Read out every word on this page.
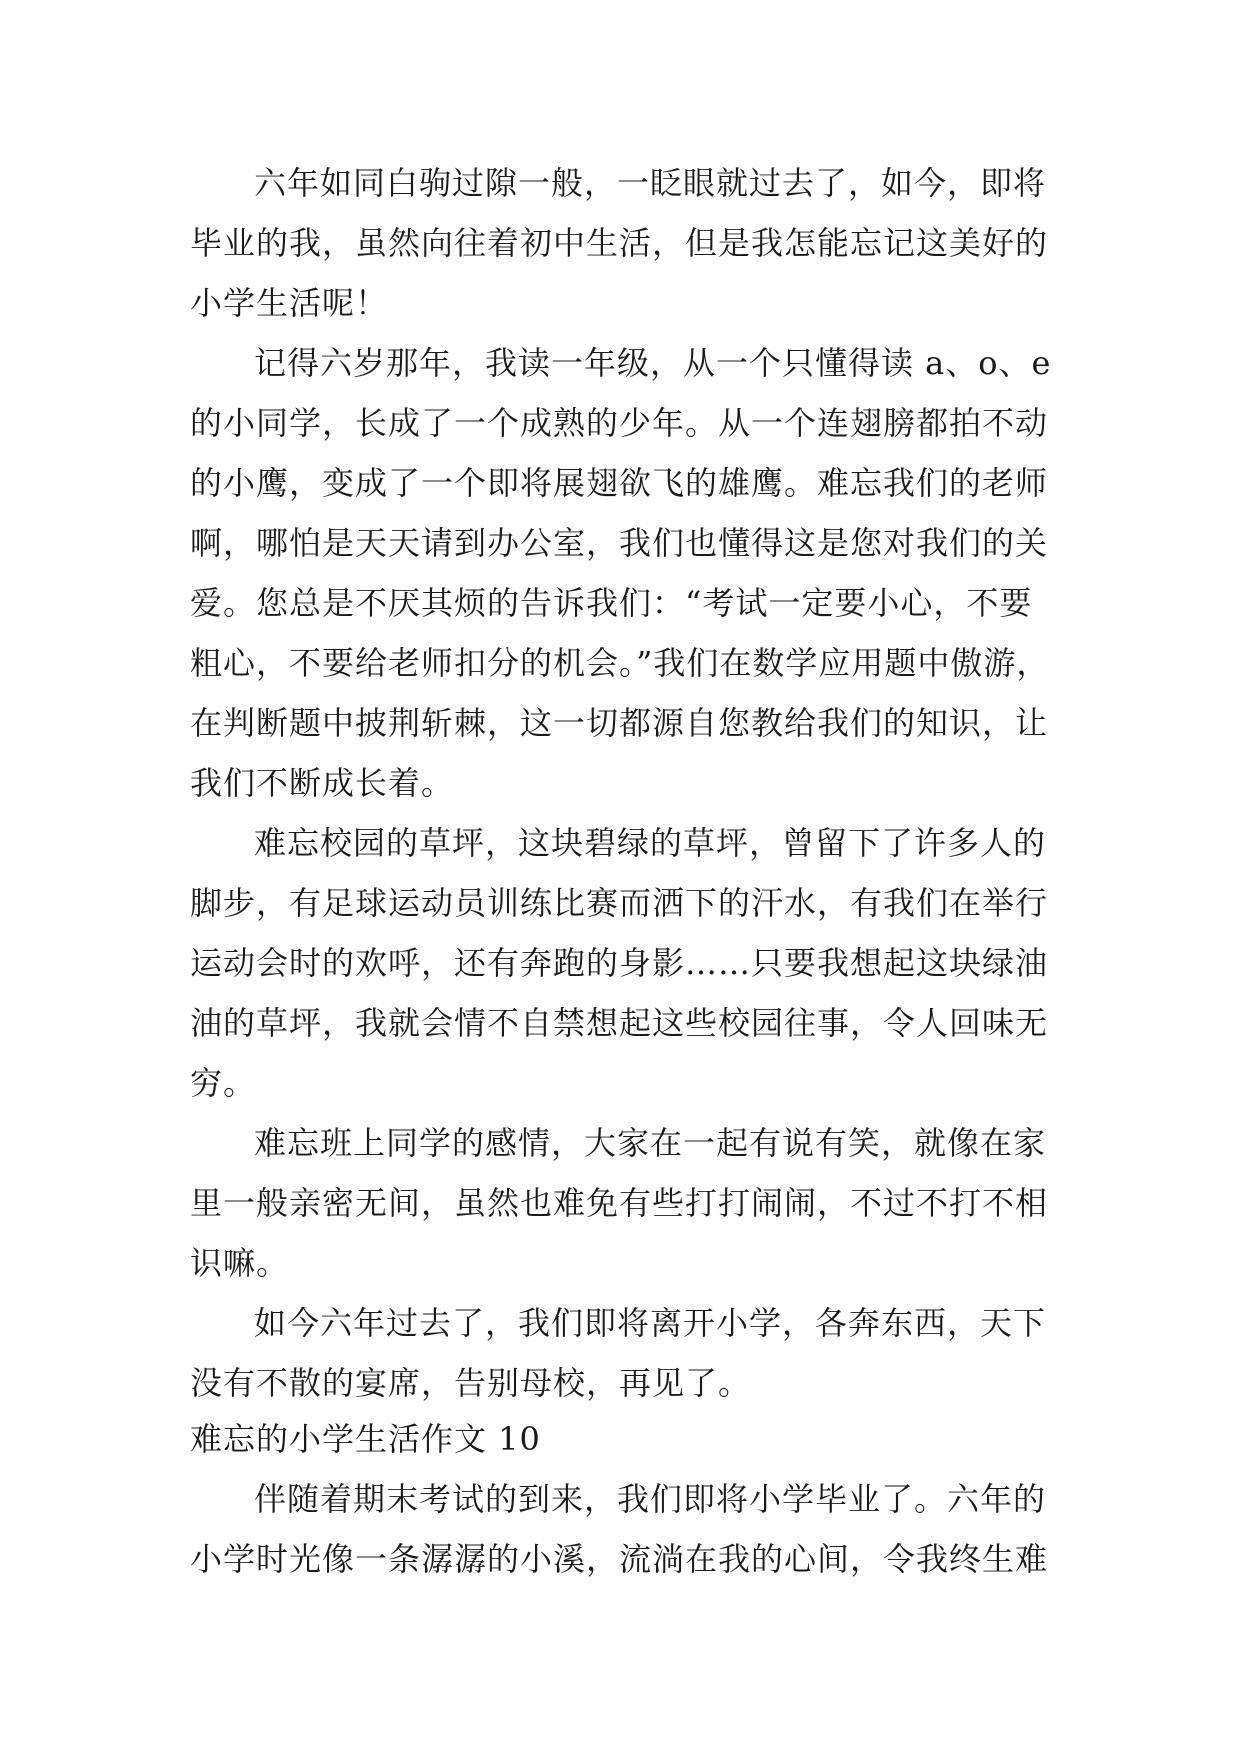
六年如同白驹过隙一般，一眨眼就过去了，如今，即将
毕业的我，虽然向往着初中生活，但是我怎能忘记这美好的
小学生活呢！
记得六岁那年，我读一年级，从一个只懂得读 a、o、e
的小同学，长成了一个成熟的少年。从一个连翅膀都拍不动
的小鹰，变成了一个即将展翅欲飞的雄鹰。难忘我们的老师
啊，哪怕是天天请到办公室，我们也懂得这是您对我们的关
爱。您总是不厌其烦的告诉我们：“考试一定要小心，不要
粗心，不要给老师扣分的机会。”我们在数学应用题中傲游，
在判断题中披荆斩棘，这一切都源自您教给我们的知识，让
我们不断成长着。
难忘校园的草坪，这块碧绿的草坪，曾留下了许多人的
脚步，有足球运动员训练比赛而洒下的汗水，有我们在举行
运动会时的欢呼，还有奔跑的身影……只要我想起这块绿油
油的草坪，我就会情不自禁想起这些校园往事，令人回味无
穷。
难忘班上同学的感情，大家在一起有说有笑，就像在家
里一般亲密无间，虽然也难免有些打打闹闹，不过不打不相
识嘛。
如今六年过去了，我们即将离开小学，各奔东西，天下
没有不散的宴席，告别母校，再见了。
难忘的小学生活作文 10
伴随着期末考试的到来，我们即将小学毕业了。六年的
小学时光像一条潺潺的小溪，流淌在我的心间，令我终生难
